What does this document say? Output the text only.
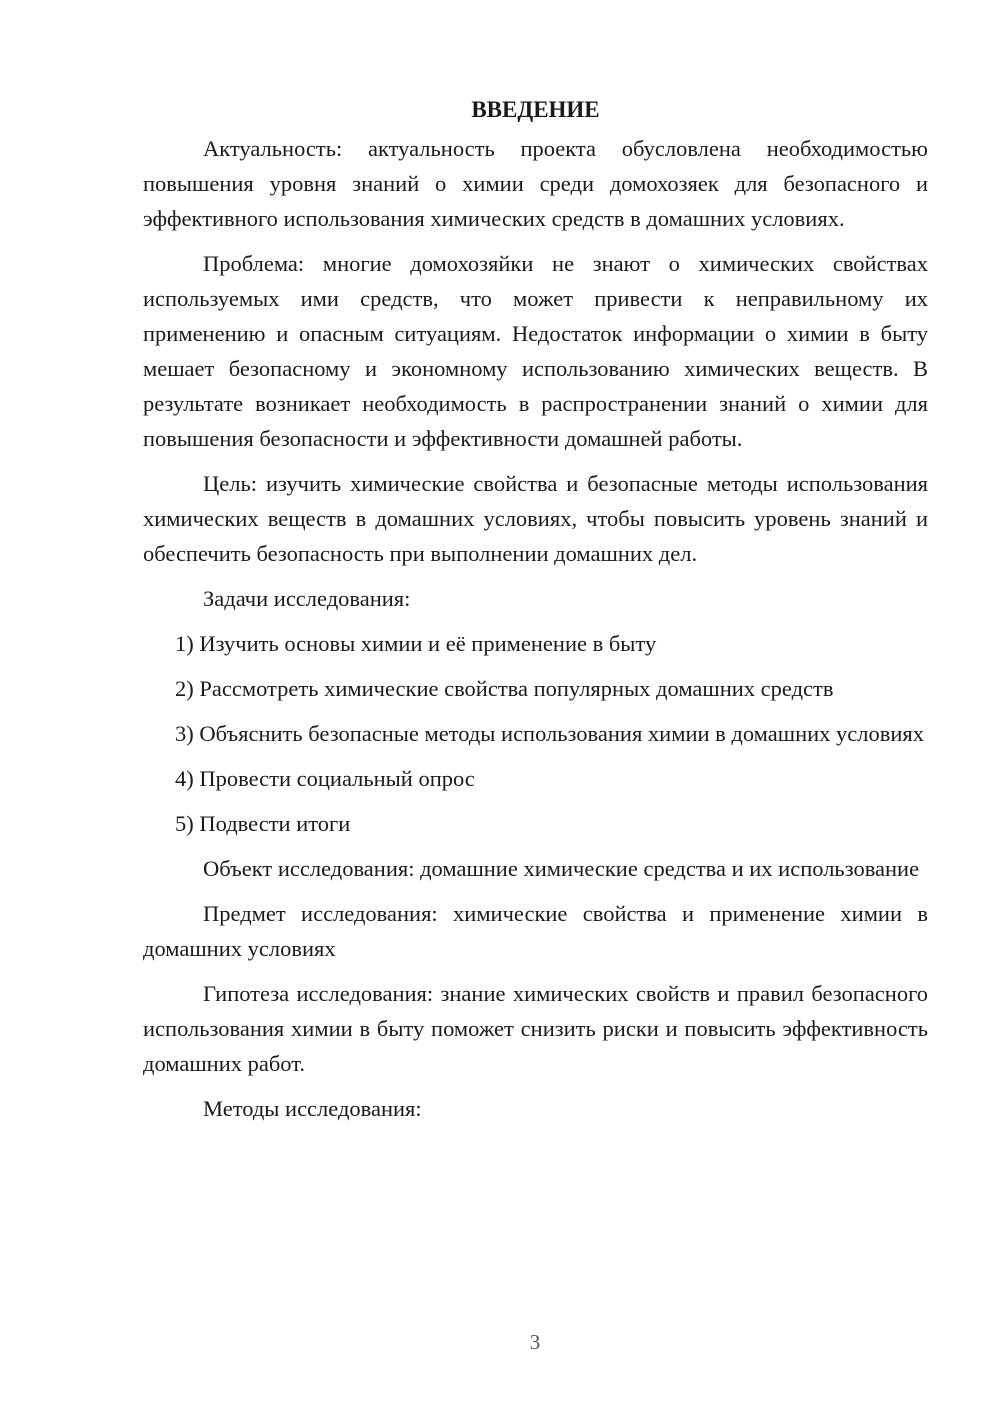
ВВЕДЕНИЕ

Актуальность: актуальность проекта обусловлена необходимостью повышения уровня знаний о химии среди домохозяек для безопасного и эффективного использования химических средств в домашних условиях.

Проблема: многие домохозяйки не знают о химических свойствах используемых ими средств, что может привести к неправильному их применению и опасным ситуациям. Недостаток информации о химии в быту мешает безопасному и экономному использованию химических веществ. В результате возникает необходимость в распространении знаний о химии для повышения безопасности и эффективности домашней работы.

Цель: изучить химические свойства и безопасные методы использования химических веществ в домашних условиях, чтобы повысить уровень знаний и обеспечить безопасность при выполнении домашних дел.

Задачи исследования:

1) Изучить основы химии и её применение в быту

2) Рассмотреть химические свойства популярных домашних средств

3) Объяснить безопасные методы использования химии в домашних условиях

4) Провести социальный опрос

5) Подвести итоги

Объект исследования: домашние химические средства и их использование

Предмет исследования: химические свойства и применение химии в домашних условиях

Гипотеза исследования: знание химических свойств и правил безопасного использования химии в быту поможет снизить риски и повысить эффективность домашних работ.

Методы исследования:

3
